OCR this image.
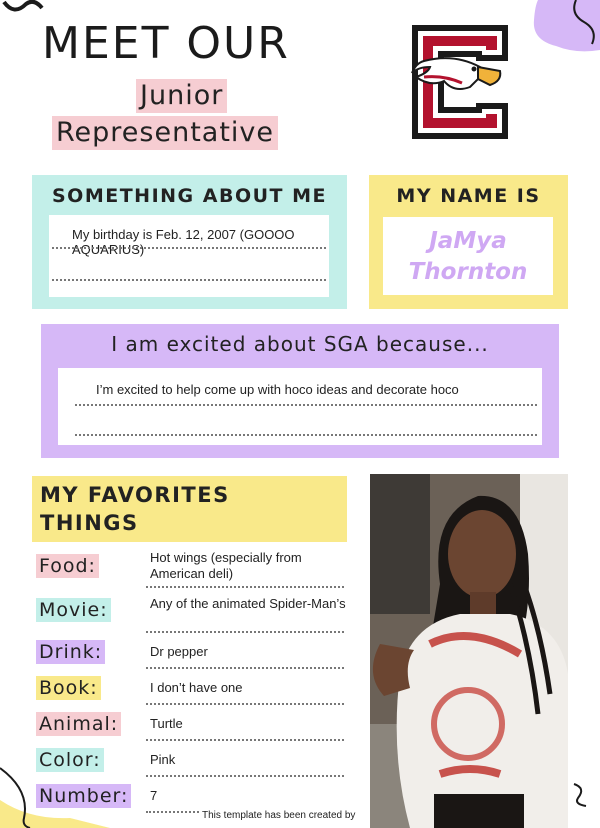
MEET OUR
Junior
Representative
SOMETHING ABOUT ME
My birthday is Feb. 12, 2007 (GOOOO AQUARIUS)
MY NAME IS
JaMya
Thornton
I am excited about SGA because...
I’m excited to help come up with hoco ideas and decorate hoco
MY FAVORITES
THINGS
Food:	Hot wings (especially from American deli)
Movie:	Any of the animated Spider-Man’s
Drink:	Dr pepper
Book:	I don’t have one
Animal: Turtle
Color:	Pink
Number: 7
This template has been created by
